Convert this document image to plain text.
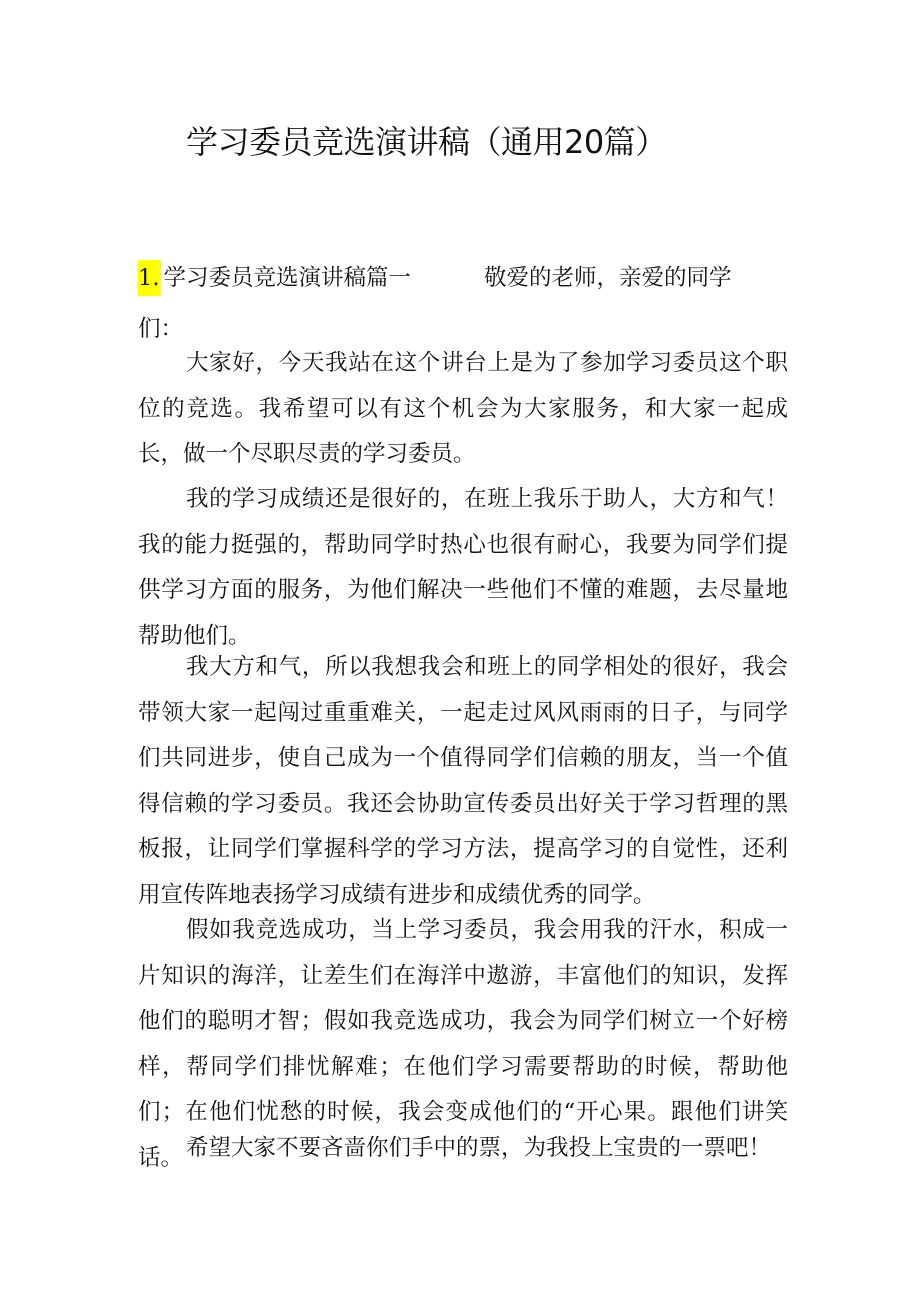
学习委员竞选演讲稿（通用20篇）
1. 学习委员竞选演讲稿篇一	敬爱的老师，亲爱的同学
们：

大家好，今天我站在这个讲台上是为了参加学习委员这个职位的竞选。我希望可以有这个机会为大家服务，和大家一起成长，做一个尽职尽责的学习委员。

我的学习成绩还是很好的，在班上我乐于助人，大方和气！我的能力挺强的，帮助同学时热心也很有耐心，我要为同学们提供学习方面的服务，为他们解决一些他们不懂的难题，去尽量地帮助他们。

我大方和气，所以我想我会和班上的同学相处的很好，我会带领大家一起闯过重重难关，一起走过风风雨雨的日子，与同学们共同进步，使自己成为一个值得同学们信赖的朋友，当一个值得信赖的学习委员。我还会协助宣传委员出好关于学习哲理的黑板报，让同学们掌握科学的学习方法，提高学习的自觉性，还利用宣传阵地表扬学习成绩有进步和成绩优秀的同学。

假如我竞选成功，当上学习委员，我会用我的汗水，积成一片知识的海洋，让差生们在海洋中遨游，丰富他们的知识，发挥他们的聪明才智；假如我竞选成功，我会为同学们树立一个好榜样，帮同学们排忧解难；在他们学习需要帮助的时候，帮助他们；在他们忧愁的时候，我会变成他们的“开心果。跟他们讲笑话。 希望大家不要吝啬你们手中的票，为我投上宝贵的一票吧！
